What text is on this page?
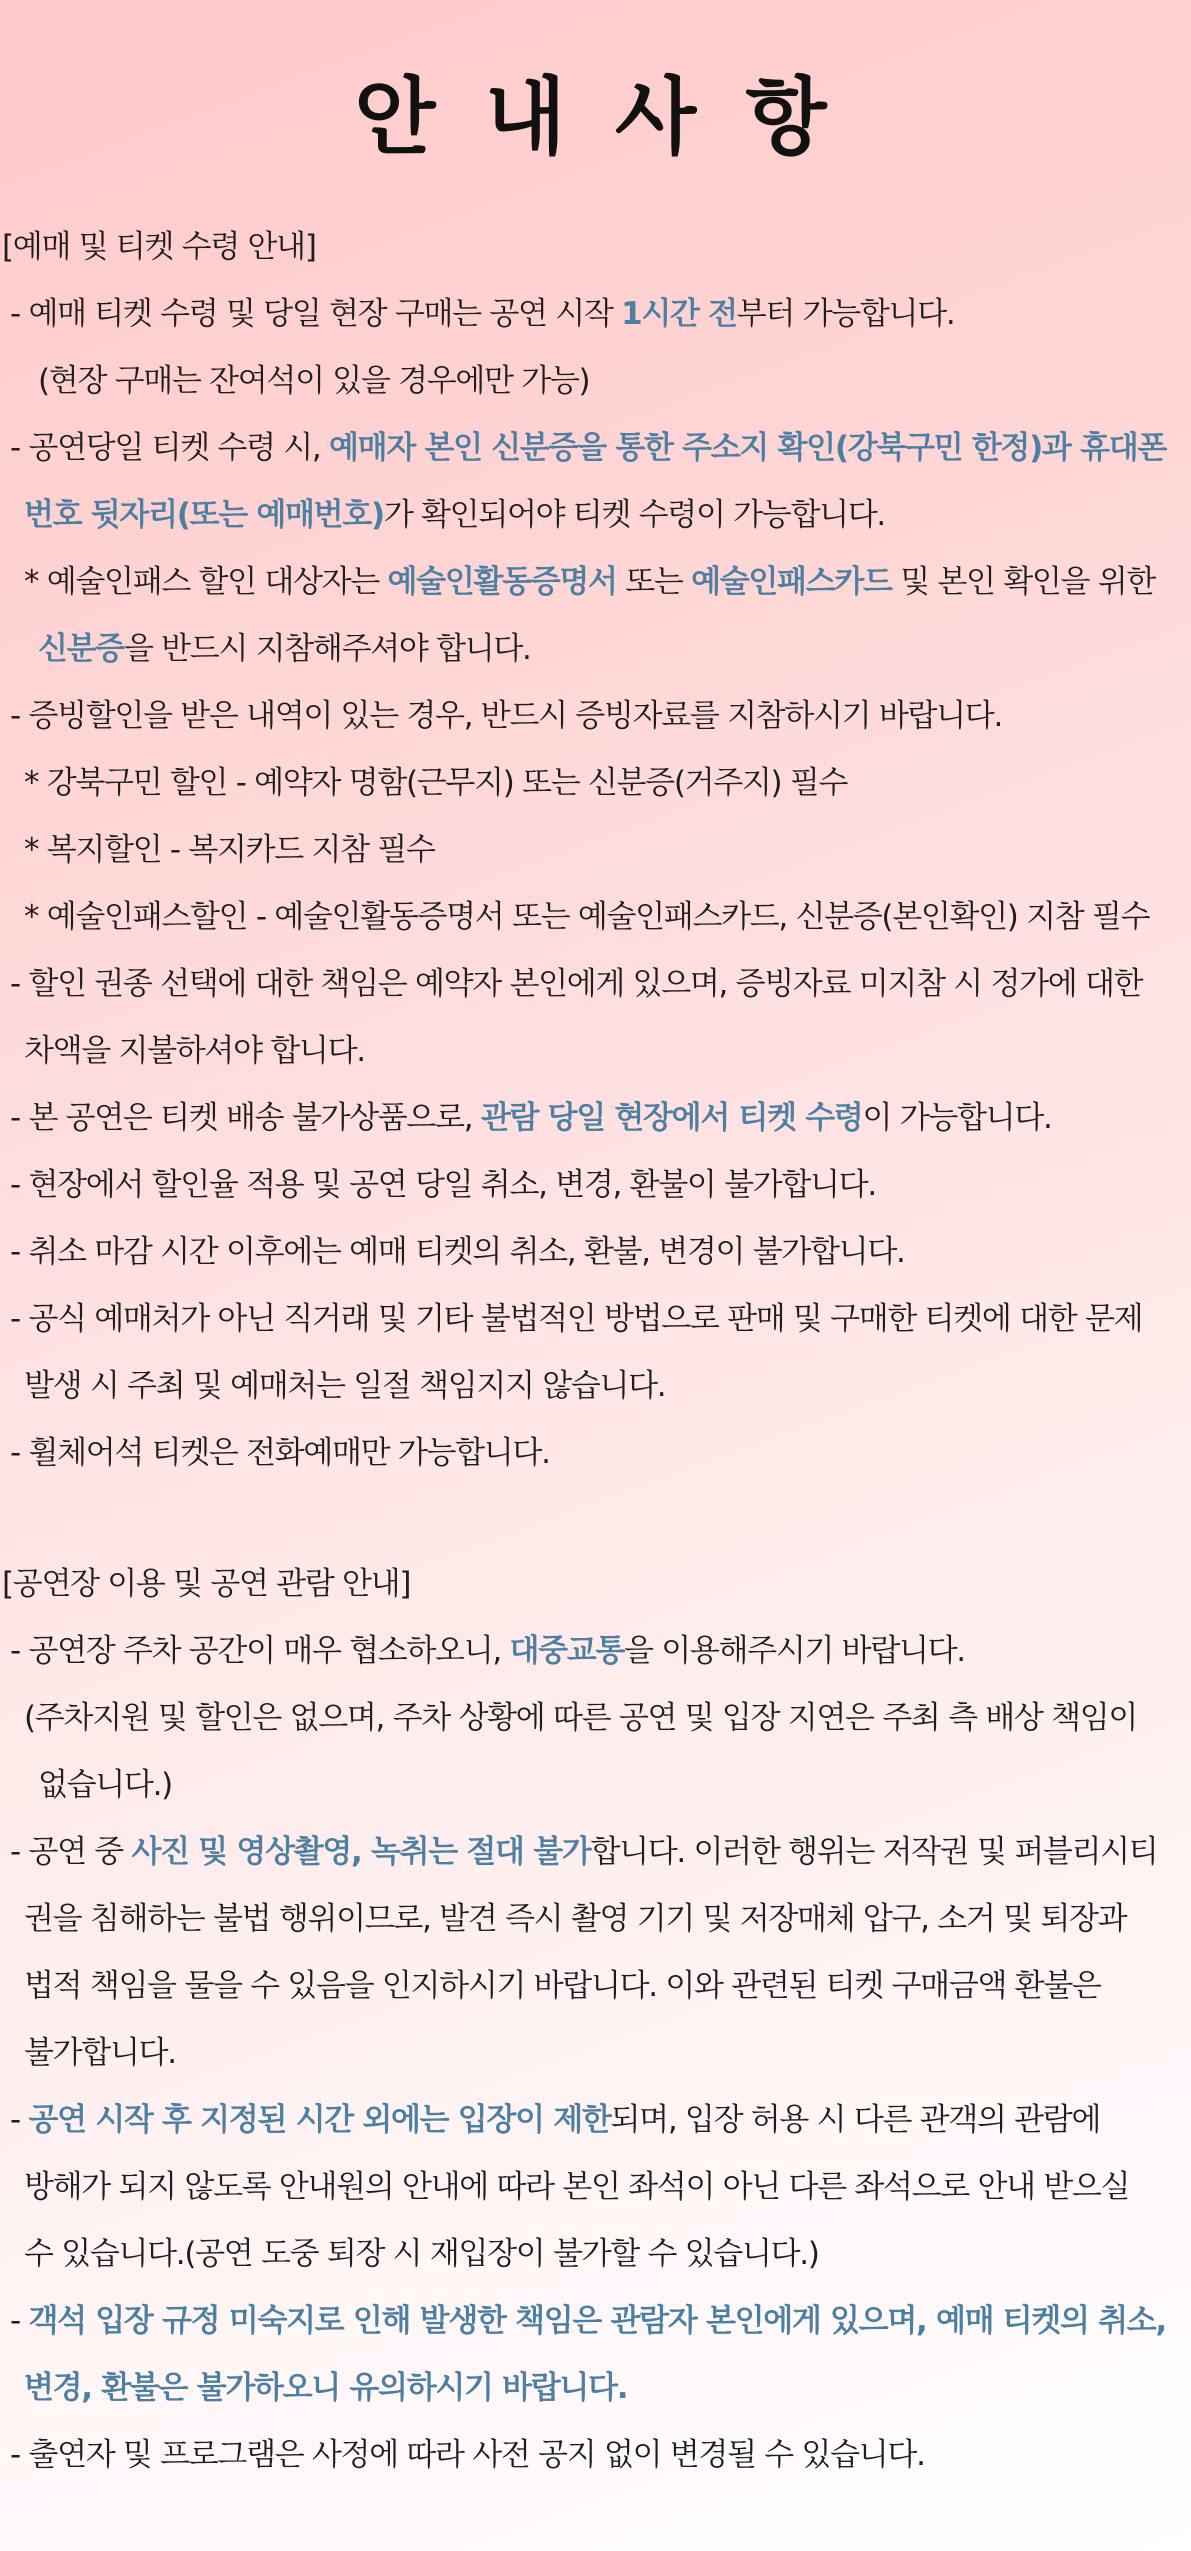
안 내 사 항
[예매 및 티켓 수령 안내]
- 예매 티켓 수령 및 당일 현장 구매는 공연 시작 1시간 전부터 가능합니다.
(현장 구매는 잔여석이 있을 경우에만 가능)
- 공연당일 티켓 수령 시, 예매자 본인 신분증을 통한 주소지 확인(강북구민 한정)과 휴대폰
번호 뒷자리(또는 예매번호)가 확인되어야 티켓 수령이 가능합니다.
* 예술인패스 할인 대상자는 예술인활동증명서 또는 예술인패스카드 및 본인 확인을 위한
신분증을 반드시 지참해주셔야 합니다.
- 증빙할인을 받은 내역이 있는 경우, 반드시 증빙자료를 지참하시기 바랍니다.
* 강북구민 할인 - 예약자 명함(근무지) 또는 신분증(거주지) 필수
* 복지할인 - 복지카드 지참 필수
* 예술인패스할인 - 예술인활동증명서 또는 예술인패스카드, 신분증(본인확인) 지참 필수
- 할인 권종 선택에 대한 책임은 예약자 본인에게 있으며, 증빙자료 미지참 시 정가에 대한
차액을 지불하셔야 합니다.
- 본 공연은 티켓 배송 불가상품으로, 관람 당일 현장에서 티켓 수령이 가능합니다.
- 현장에서 할인율 적용 및 공연 당일 취소, 변경, 환불이 불가합니다.
- 취소 마감 시간 이후에는 예매 티켓의 취소, 환불, 변경이 불가합니다.
- 공식 예매처가 아닌 직거래 및 기타 불법적인 방법으로 판매 및 구매한 티켓에 대한 문제
발생 시 주최 및 예매처는 일절 책임지지 않습니다.
- 휠체어석 티켓은 전화예매만 가능합니다.
[공연장 이용 및 공연 관람 안내]
- 공연장 주차 공간이 매우 협소하오니, 대중교통을 이용해주시기 바랍니다.
(주차지원 및 할인은 없으며, 주차 상황에 따른 공연 및 입장 지연은 주최 측 배상 책임이
없습니다.)
- 공연 중 사진 및 영상촬영, 녹취는 절대 불가합니다. 이러한 행위는 저작권 및 퍼블리시티
권을 침해하는 불법 행위이므로, 발견 즉시 촬영 기기 및 저장매체 압구, 소거 및 퇴장과
법적 책임을 물을 수 있음을 인지하시기 바랍니다. 이와 관련된 티켓 구매금액 환불은
불가합니다.
- 공연 시작 후 지정된 시간 외에는 입장이 제한되며, 입장 허용 시 다른 관객의 관람에
방해가 되지 않도록 안내원의 안내에 따라 본인 좌석이 아닌 다른 좌석으로 안내 받으실
수 있습니다.(공연 도중 퇴장 시 재입장이 불가할 수 있습니다.)
- 객석 입장 규정 미숙지로 인해 발생한 책임은 관람자 본인에게 있으며, 예매 티켓의 취소,
변경, 환불은 불가하오니 유의하시기 바랍니다.
- 출연자 및 프로그램은 사정에 따라 사전 공지 없이 변경될 수 있습니다.
